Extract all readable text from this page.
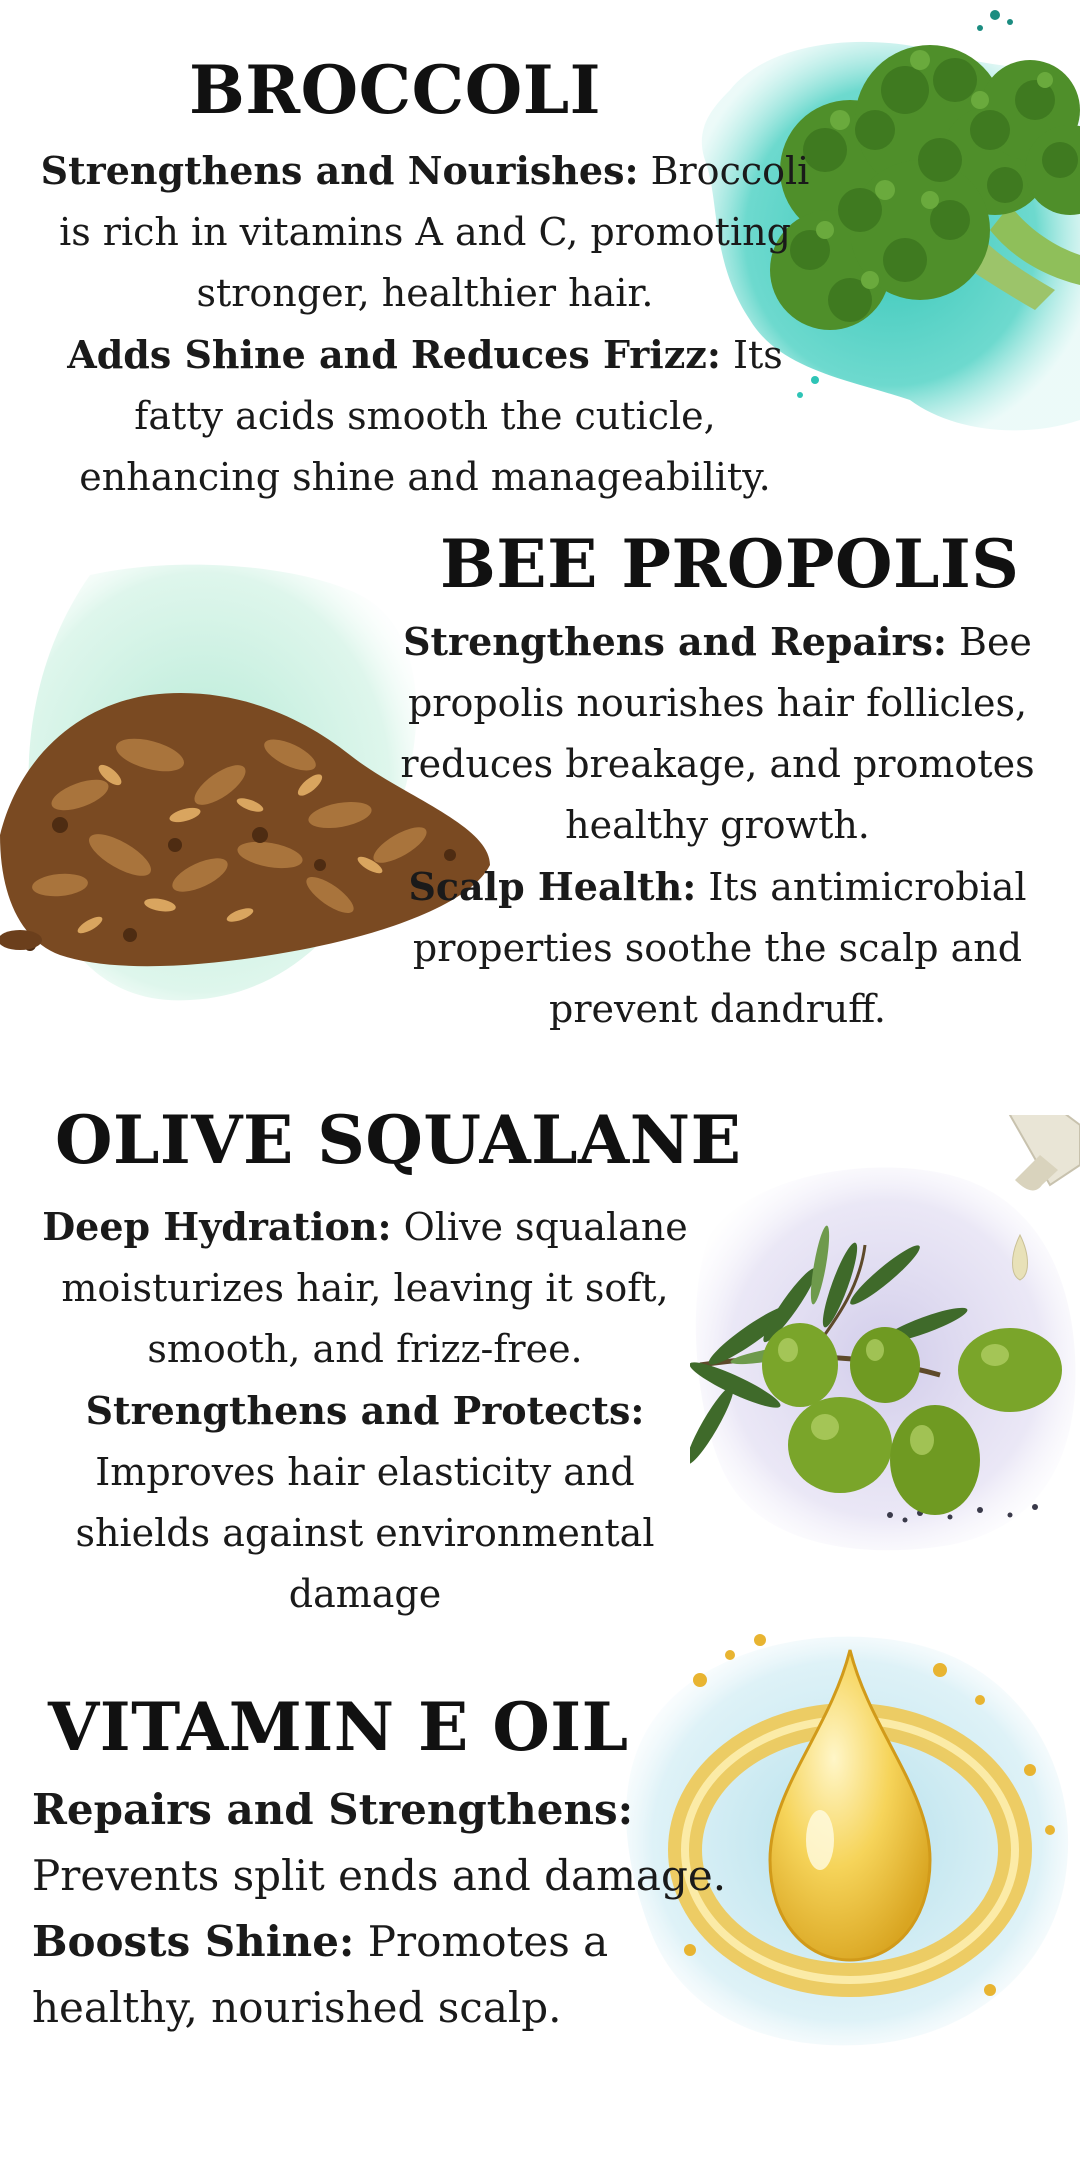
BROCCOLI
Strengthens and Nourishes: Broccoli is rich in vitamins A and C, promoting stronger, healthier hair.
Adds Shine and Reduces Frizz: Its fatty acids smooth the cuticle, enhancing shine and manageability.
BEE PROPOLIS
Strengthens and Repairs: Bee propolis nourishes hair follicles, reduces breakage, and promotes healthy growth.
Scalp Health: Its antimicrobial properties soothe the scalp and prevent dandruff.
OLIVE SQUALANE
Deep Hydration: Olive squalane moisturizes hair, leaving it soft, smooth, and frizz-free.
Strengthens and Protects: Improves hair elasticity and shields against environmental damage
VITAMIN E OIL
Repairs and Strengthens: Prevents split ends and damage.
Boosts Shine: Promotes a healthy, nourished scalp.
